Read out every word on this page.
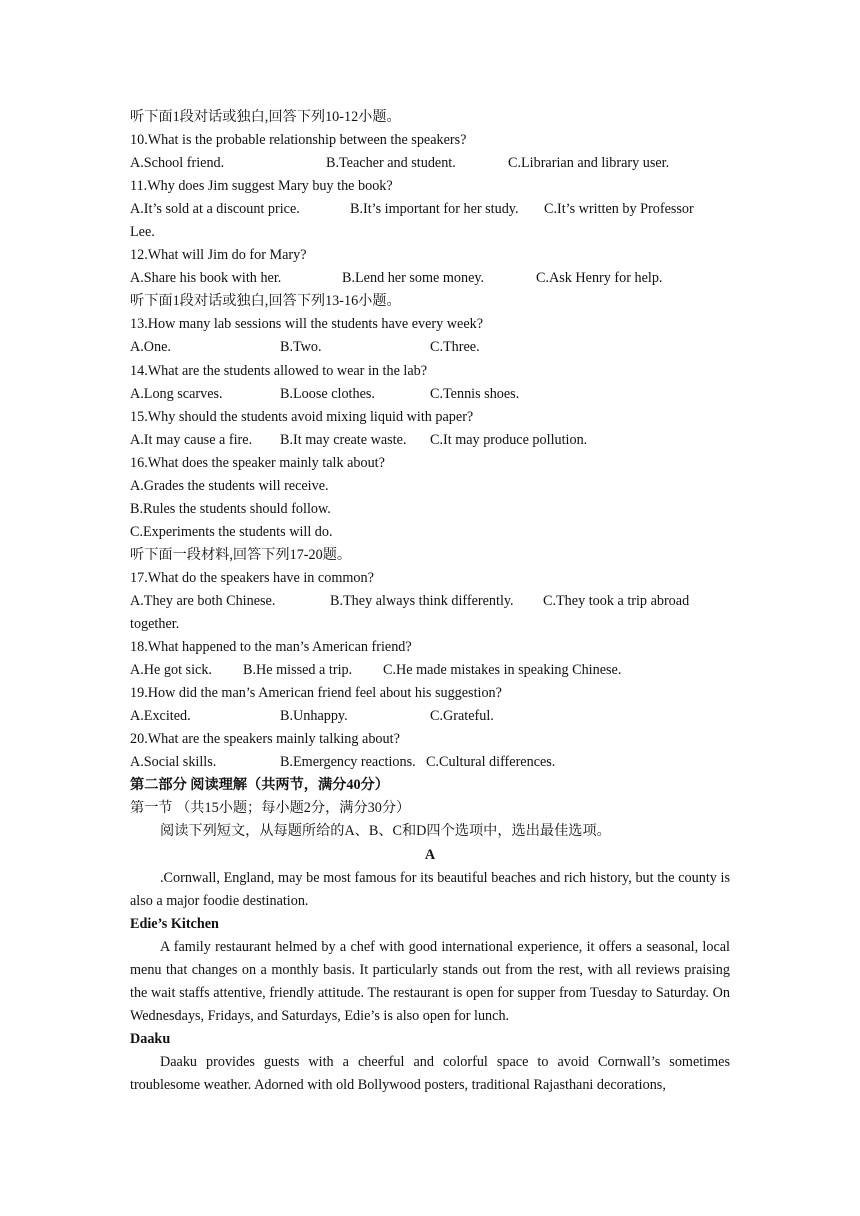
听下面1段对话或独白,回答下列10-12小题。
10.What is the probable relationship between the speakers?
A.School friend.	B.Teacher and student.	C.Librarian and library user.
11.Why does Jim suggest Mary buy the book?
A.It’s sold at a discount price.	B.It’s important for her study. C.It’s written by Professor
Lee.
12.What will Jim do for Mary?
A.Share his book with her.	B.Lend her some money.	C.Ask Henry for help.
听下面1段对话或独白,回答下列13-16小题。
13.How many lab sessions will the students have every week?
A.One.	B.Two.	C.Three.
14.What are the students allowed to wear in the lab?
A.Long scarves.	B.Loose clothes.	C.Tennis shoes.
15.Why should the students avoid mixing liquid with paper?
A.It may cause a fire. B.It may create waste. C.It may produce pollution.
16.What does the speaker mainly talk about?
A.Grades the students will receive.
B.Rules the students should follow.
C.Experiments the students will do.
听下面一段材料,回答下列17-20题。
17.What do the speakers have in common?
A.They are both Chinese.	B.They always think differently. C.They took a trip abroad
together.
18.What happened to the man’s American friend?
A.He got sick. B.He missed a trip. C.He made mistakes in speaking Chinese.
19.How did the man’s American friend feel about his suggestion?
A.Excited.	B.Unhappy.	C.Grateful.
20.What are the speakers mainly talking about?
A.Social skills.	B.Emergency reactions. C.Cultural differences.
第二部分 阅读理解（共两节，满分40分）
第一节 （共15小题；每小题2分，满分30分）
阅读下列短文，从每题所给的A、B、C和D四个选项中，选出最佳选项。
A
.Cornwall, England, may be most famous for its beautiful beaches and rich history, but the county is also a major foodie destination.
Edie’s Kitchen
A family restaurant helmed by a chef with good international experience, it offers a seasonal, local menu that changes on a monthly basis. It particularly stands out from the rest, with all reviews praising the wait staffs attentive, friendly attitude. The restaurant is open for supper from Tuesday to Saturday. On Wednesdays, Fridays, and Saturdays, Edie’s is also open for lunch.
Daaku
Daaku provides guests with a cheerful and colorful space to avoid Cornwall’s sometimes troublesome weather. Adorned with old Bollywood posters, traditional Rajasthani decorations,
